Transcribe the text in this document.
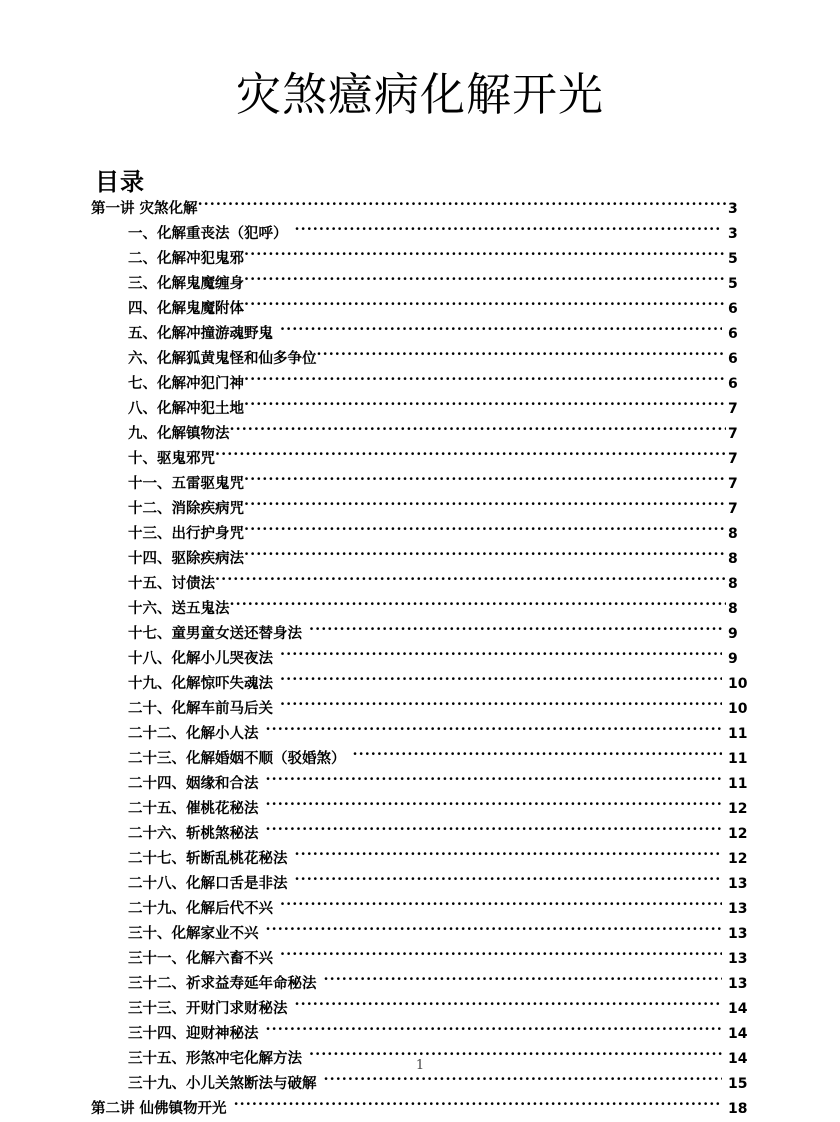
灾煞癔病化解开光
目录
第一讲 灾煞化解 .....	3
一、化解重丧法（犯呼） .....	3
二、化解冲犯鬼邪 .....	5
三、化解鬼魔缠身 .....	5
四、化解鬼魔附体 .....	6
五、化解冲撞游魂野鬼 .....	6
六、化解狐黄鬼怪和仙多争位 .....	6
七、化解冲犯门神 .....	6
八、化解冲犯土地 .....	7
九、化解镇物法 .....	7
十、驱鬼邪咒 .....	7
十一、五雷驱鬼咒 .....	7
十二、消除疾病咒 .....	7
十三、出行护身咒 .....	8
十四、驱除疾病法 .....	8
十五、讨债法 .....	8
十六、送五鬼法 .....	8
十七、童男童女送还替身法 .....	9
十八、化解小儿哭夜法 .....	9
十九、化解惊吓失魂法 .....	10
二十、化解车前马后关 .....	10
二十二、化解小人法 .....	11
二十三、化解婚姻不顺（驳婚煞） .....	11
二十四、姻缘和合法 .....	11
二十五、催桃花秘法 .....	12
二十六、斩桃煞秘法 .....	12
二十七、斩断乱桃花秘法 .....	12
二十八、化解口舌是非法 .....	13
二十九、化解后代不兴 .....	13
三十、化解家业不兴 .....	13
三十一、化解六畜不兴 .....	13
三十二、祈求益寿延年命秘法 .....	13
三十三、开财门求财秘法 .....	14
三十四、迎财神秘法 .....	14
三十五、形煞冲宅化解方法 .....	14
三十九、小儿关煞断法与破解 .....	15
第二讲 仙佛镇物开光 .....	18
1
